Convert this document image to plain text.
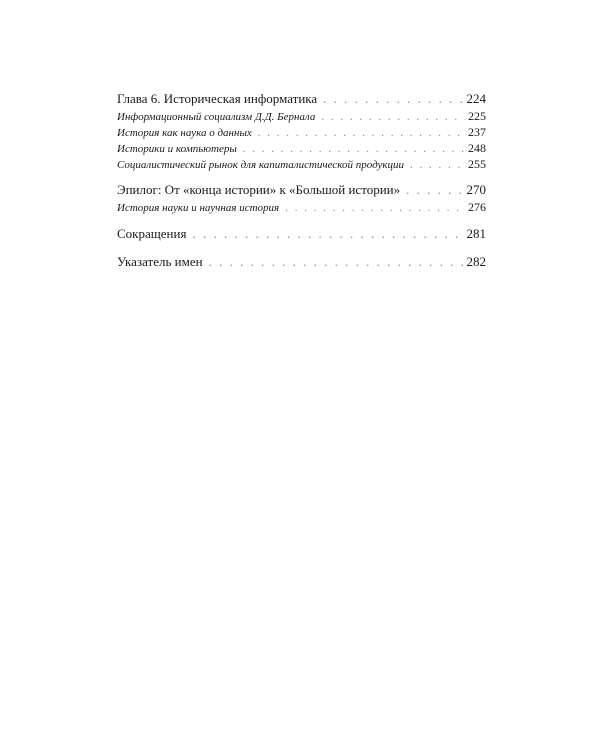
Глава 6. Историческая информатика . . .	224
Информационный социализм Д.Д. Бернала . . .	225
История как наука о данных . . .	237
Историки и компьютеры . . .	248
Социалистический рынок для капиталистической продукции . . .	255
Эпилог: От «конца истории» к «Большой истории» . . .	270
История науки и научная история . . .	276
Сокращения . . .	281
Указатель имен . . .	282
